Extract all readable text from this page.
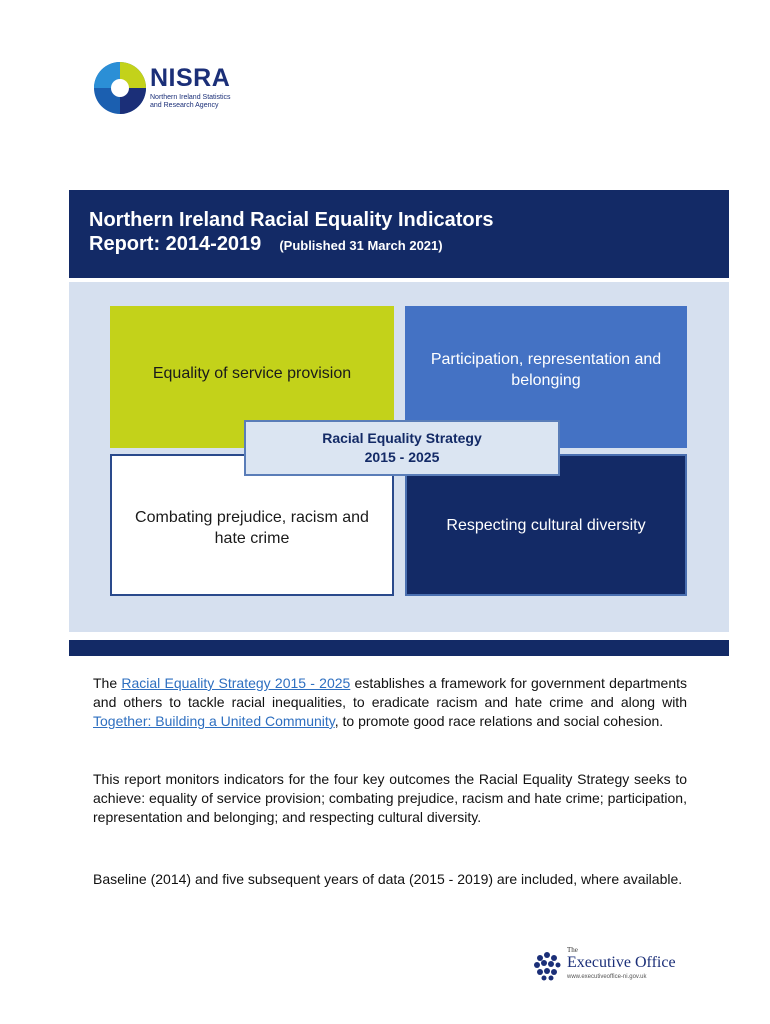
NISRA
Northern Ireland Statistics
and Research Agency
Northern Ireland Racial Equality Indicators
Report: 2014-2019 (Published 31 March 2021)
Equality of service provision
Participation, representation and belonging
Combating prejudice, racism and hate crime
Respecting cultural diversity
Racial Equality Strategy
2015 - 2025
The Racial Equality Strategy 2015 - 2025 establishes a framework for government departments and others to tackle racial inequalities, to eradicate racism and hate crime and along with Together: Building a United Community, to promote good race relations and social cohesion.
This report monitors indicators for the four key outcomes the Racial Equality Strategy seeks to achieve: equality of service provision; combating prejudice, racism and hate crime; participation, representation and belonging; and respecting cultural diversity.
Baseline (2014) and five subsequent years of data (2015 - 2019) are included, where available.
The
Executive Office
www.executiveoffice-ni.gov.uk
